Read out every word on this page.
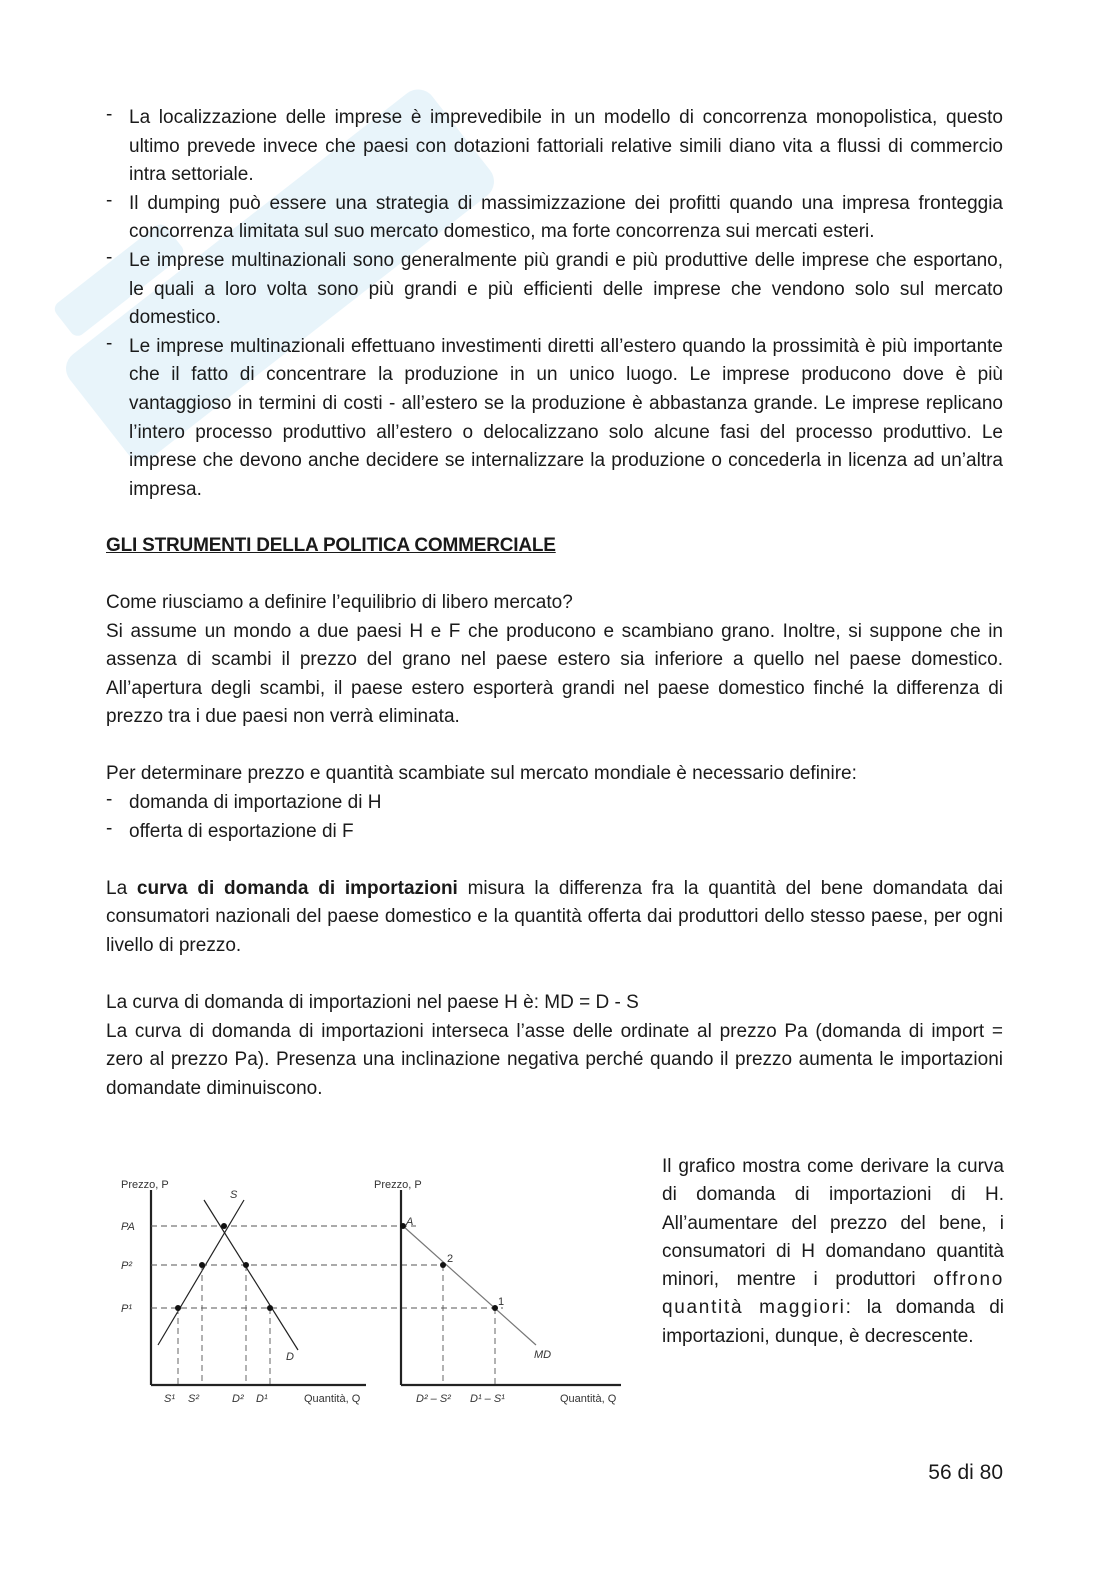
- La localizzazione delle imprese è imprevedibile in un modello di concorrenza monopolistica, questo ultimo prevede invece che paesi con dotazioni fattoriali relative simili diano vita a flussi di commercio intra settoriale.
- Il dumping può essere una strategia di massimizzazione dei profitti quando una impresa fronteggia concorrenza limitata sul suo mercato domestico, ma forte concorrenza sui mercati esteri.
- Le imprese multinazionali sono generalmente più grandi e più produttive delle imprese che esportano, le quali a loro volta sono più grandi e più efficienti delle imprese che vendono solo sul mercato domestico.
- Le imprese multinazionali effettuano investimenti diretti all’estero quando la prossimità è più importante che il fatto di concentrare la produzione in un unico luogo. Le imprese producono dove è più vantaggioso in termini di costi - all’estero se la produzione è abbastanza grande. Le imprese replicano l’intero processo produttivo all’estero o delocalizzano solo alcune fasi del processo produttivo. Le imprese che devono anche decidere se internalizzare la produzione o concederla in licenza ad un’altra impresa.

GLI STRUMENTI DELLA POLITICA COMMERCIALE

Come riusciamo a definire l’equilibrio di libero mercato?

Si assume un mondo a due paesi H e F che producono e scambiano grano. Inoltre, si suppone che in assenza di scambi il prezzo del grano nel paese estero sia inferiore a quello nel paese domestico. All’apertura degli scambi, il paese estero esporterà grandi nel paese domestico finché la differenza di prezzo tra i due paesi non verrà eliminata.

Per determinare prezzo e quantità scambiate sul mercato mondiale è necessario definire:

- domanda di importazione di H
- offerta di esportazione di F

La curva di domanda di importazioni misura la differenza fra la quantità del bene domandata dai consumatori nazionali del paese domestico e la quantità offerta dai produttori dello stesso paese, per ogni livello di prezzo.

La curva di domanda di importazioni nel paese H è: MD = D - S

La curva di domanda di importazioni interseca l’asse delle ordinate al prezzo Pa (domanda di import = zero al prezzo Pa). Presenza una inclinazione negativa perché quando il prezzo aumenta le importazioni domandate diminuiscono.

Prezzo, P
Quantità, Q
PA
P²
P¹
S
D
S¹ S²	D² D¹
Prezzo, P
Quantità, Q
A
2
1
MD
D² – S² D¹ – S¹
Il grafico mostra come derivare la curva di domanda di importazioni di H. All’aumentare del prezzo del bene, i consumatori di H domandano quantità minori, mentre i produttori offrono quantità maggiori: la domanda di importazioni, dunque, è decrescente.
56 di 80
